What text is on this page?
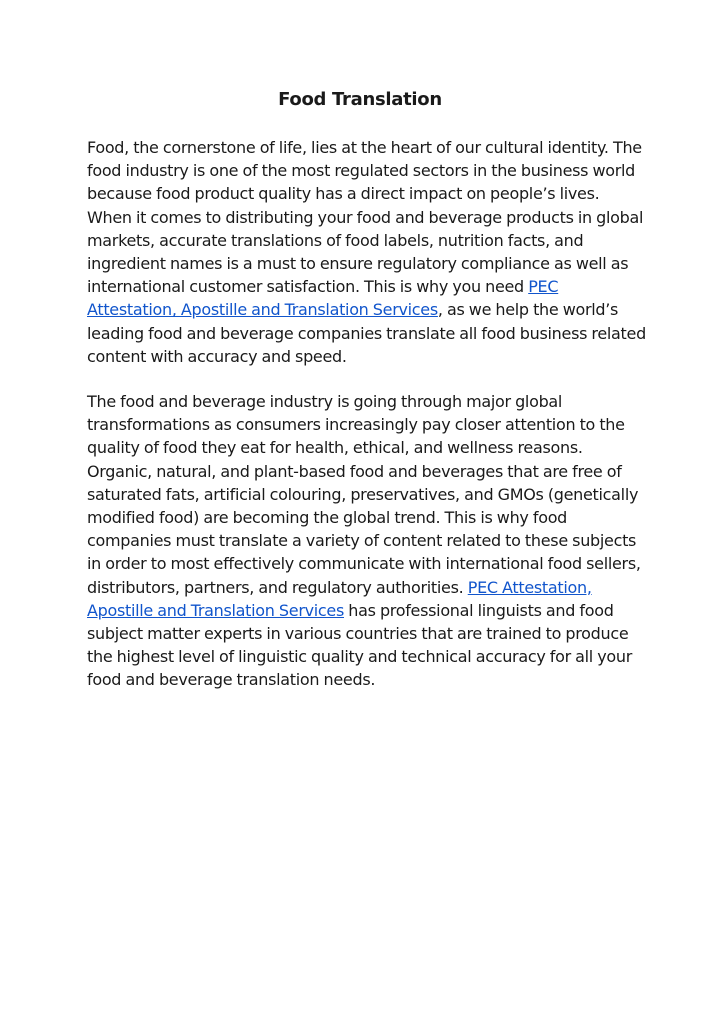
Food Translation

Food, the cornerstone of life, lies at the heart of our cultural identity. The food industry is one of the most regulated sectors in the business world because food product quality has a direct impact on people’s lives. When it comes to distributing your food and beverage products in global markets, accurate translations of food labels, nutrition facts, and ingredient names is a must to ensure regulatory compliance as well as international customer satisfaction. This is why you need PEC Attestation, Apostille and Translation Services, as we help the world’s leading food and beverage companies translate all food business related content with accuracy and speed.

The food and beverage industry is going through major global transformations as consumers increasingly pay closer attention to the quality of food they eat for health, ethical, and wellness reasons. Organic, natural, and plant-based food and beverages that are free of saturated fats, artificial colouring, preservatives, and GMOs (genetically modified food) are becoming the global trend. This is why food companies must translate a variety of content related to these subjects in order to most effectively communicate with international food sellers, distributors, partners, and regulatory authorities. PEC Attestation, Apostille and Translation Services has professional linguists and food subject matter experts in various countries that are trained to produce the highest level of linguistic quality and technical accuracy for all your food and beverage translation needs.
